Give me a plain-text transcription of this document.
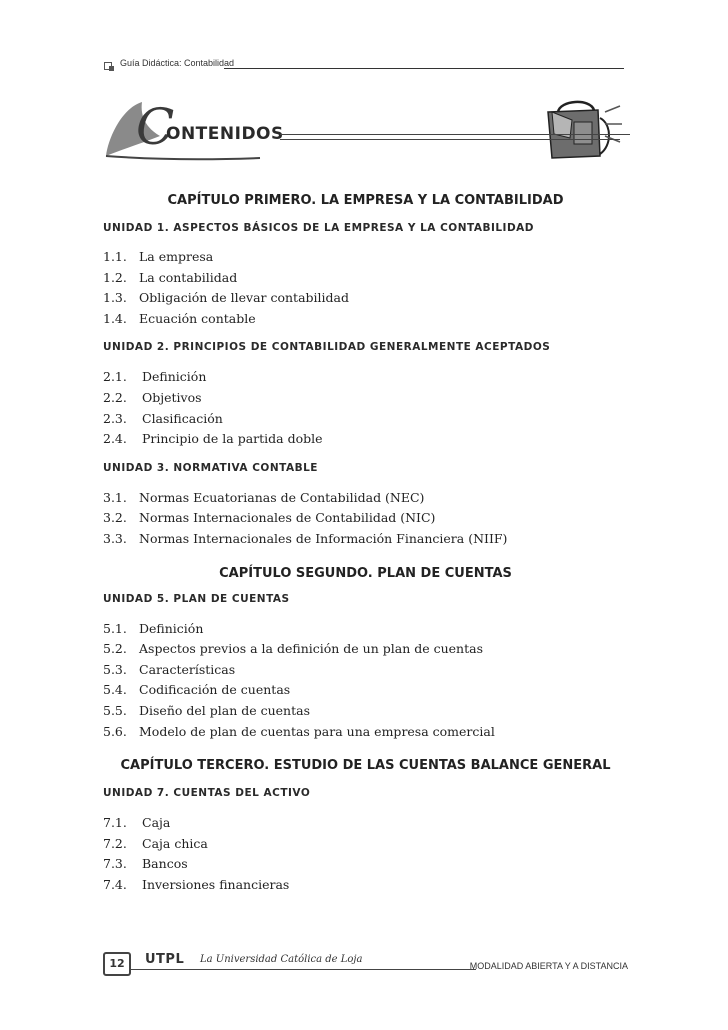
Guía Didáctica: Contabilidad
C
ONTENIDOS

CAPÍTULO PRIMERO. LA EMPRESA Y LA CONTABILIDAD

UNIDAD 1. ASPECTOS BÁSICOS DE LA EMPRESA Y LA CONTABILIDAD

1.1. La empresa
1.2. La contabilidad
1.3. Obligación de llevar contabilidad
1.4. Ecuación contable

UNIDAD 2. PRINCIPIOS DE CONTABILIDAD GENERALMENTE ACEPTADOS

2.1. Definición
2.2. Objetivos
2.3. Clasificación
2.4. Principio de la partida doble

UNIDAD 3. NORMATIVA CONTABLE

3.1. Normas Ecuatorianas de Contabilidad (NEC)
3.2. Normas Internacionales de Contabilidad (NIC)
3.3. Normas Internacionales de Información Financiera (NIIF)

CAPÍTULO SEGUNDO. PLAN DE CUENTAS

UNIDAD 5. PLAN DE CUENTAS

5.1. Definición
5.2. Aspectos previos a la definición de un plan de cuentas
5.3. Características
5.4. Codificación de cuentas
5.5. Diseño del plan de cuentas
5.6. Modelo de plan de cuentas para una empresa comercial

CAPÍTULO TERCERO. ESTUDIO DE LAS CUENTAS BALANCE GENERAL

UNIDAD 7. CUENTAS DEL ACTIVO

7.1. Caja
7.2. Caja chica
7.3. Bancos
7.4. Inversiones financieras
12	UTPL La Universidad Católica de Loja
MODALIDAD ABIERTA Y A DISTANCIA
